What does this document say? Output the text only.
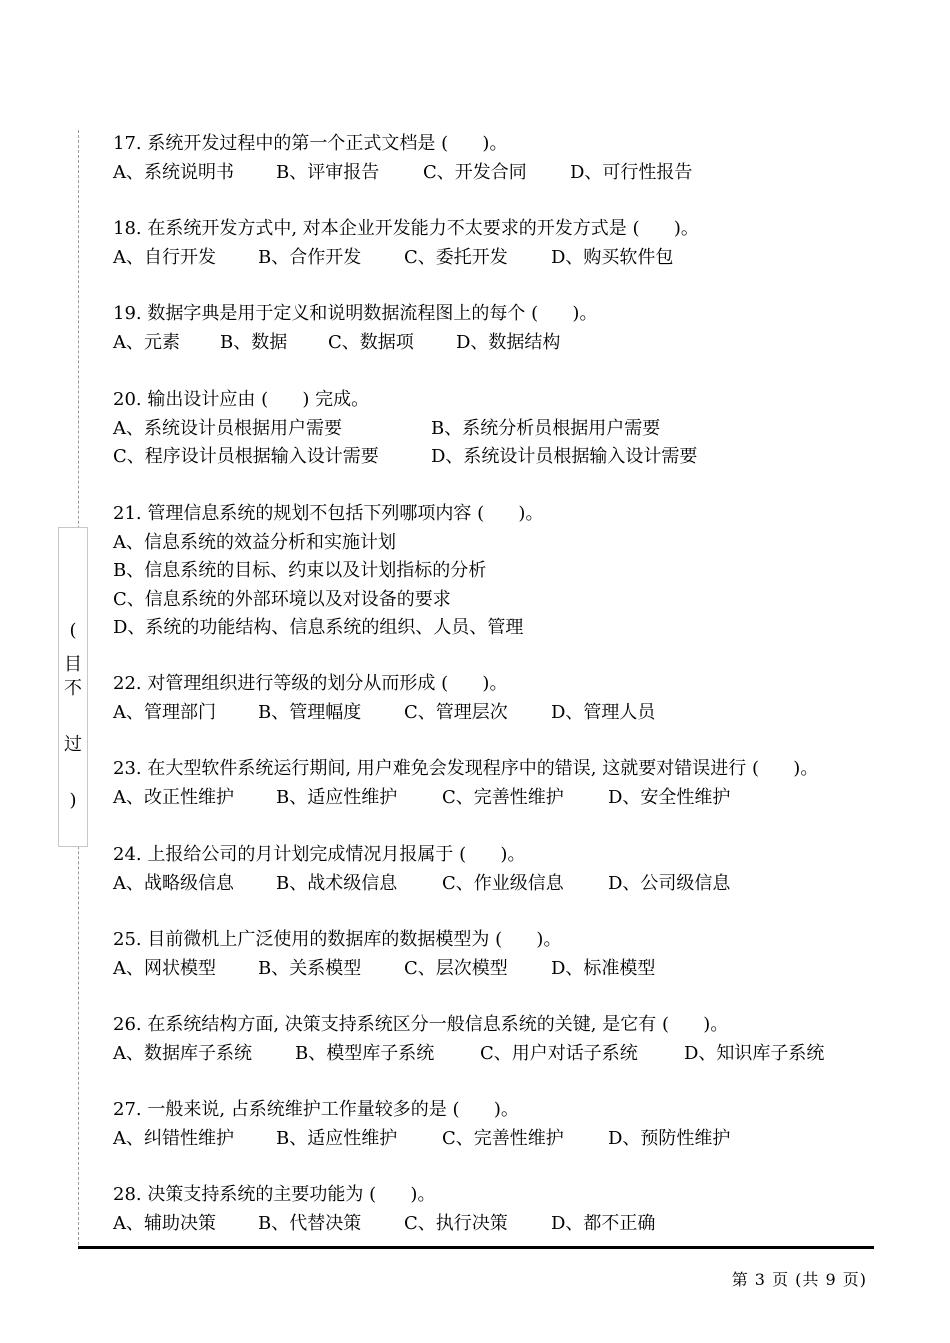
(
目
不
过
)
17. 系统开发过程中的第一个正式文档是 (      )。
A、系统说明书 B、评审报告 C、开发合同 D、可行性报告
18. 在系统开发方式中, 对本企业开发能力不太要求的开发方式是 (      )。
A、自行开发 B、合作开发 C、委托开发 D、购买软件包
19. 数据字典是用于定义和说明数据流程图上的每个 (      )。
A、元素 B、数据 C、数据项 D、数据结构
20. 输出设计应由 (      ) 完成。
A、系统设计员根据用户需要	B、系统分析员根据用户需要
C、程序设计员根据输入设计需要	D、系统设计员根据输入设计需要
21. 管理信息系统的规划不包括下列哪项内容 (      )。
A、信息系统的效益分析和实施计划
B、信息系统的目标、约束以及计划指标的分析
C、信息系统的外部环境以及对设备的要求
D、系统的功能结构、信息系统的组织、人员、管理
22. 对管理组织进行等级的划分从而形成 (      )。
A、管理部门 B、管理幅度 C、管理层次 D、管理人员
23. 在大型软件系统运行期间, 用户难免会发现程序中的错误, 这就要对错误进行 (      )。
A、改正性维护 B、适应性维护 C、完善性维护 D、安全性维护
24. 上报给公司的月计划完成情况月报属于 (      )。
A、战略级信息 B、战术级信息 C、作业级信息 D、公司级信息
25. 目前微机上广泛使用的数据库的数据模型为 (      )。
A、网状模型 B、关系模型 C、层次模型 D、标准模型
26. 在系统结构方面, 决策支持系统区分一般信息系统的关键, 是它有 (      )。
A、数据库子系统 B、模型库子系统	C、用户对话子系统	D、知识库子系统
27. 一般来说, 占系统维护工作量较多的是 (      )。
A、纠错性维护 B、适应性维护 C、完善性维护 D、预防性维护
28. 决策支持系统的主要功能为 (      )。
A、辅助决策 B、代替决策 C、执行决策 D、都不正确
第 3 页 (共 9 页)
